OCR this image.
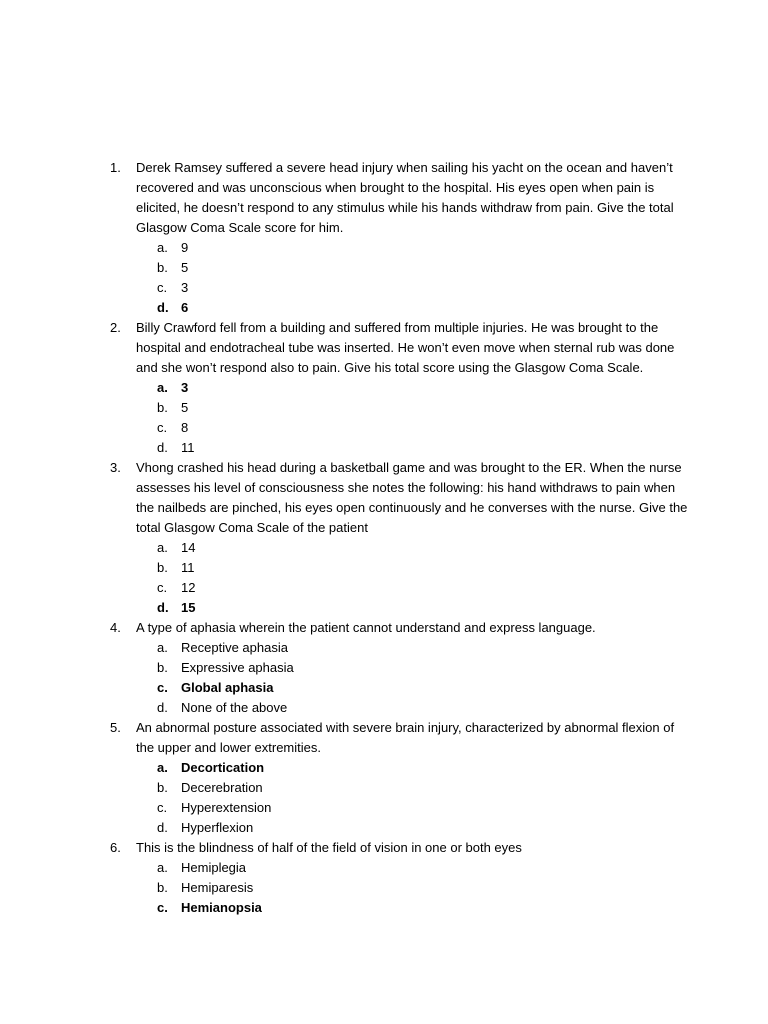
1. Derek Ramsey suffered a severe head injury when sailing his yacht on the ocean and haven’t recovered and was unconscious when brought to the hospital. His eyes open when pain is elicited, he doesn’t respond to any stimulus while his hands withdraw from pain. Give the total Glasgow Coma Scale score for him.
a. 9
b. 5
c. 3
d. 6
2. Billy Crawford fell from a building and suffered from multiple injuries. He was brought to the hospital and endotracheal tube was inserted. He won’t even move when sternal rub was done and she won’t respond also to pain. Give his total score using the Glasgow Coma Scale.
a. 3
b. 5
c. 8
d. 11
3. Vhong crashed his head during a basketball game and was brought to the ER. When the nurse assesses his level of consciousness she notes the following: his hand withdraws to pain when the nailbeds are pinched, his eyes open continuously and he converses with the nurse. Give the total Glasgow Coma Scale of the patient
a. 14
b. 11
c. 12
d. 15
4. A type of aphasia wherein the patient cannot understand and express language.
a. Receptive aphasia
b. Expressive aphasia
c. Global aphasia
d. None of the above
5. An abnormal posture associated with severe brain injury, characterized by abnormal flexion of the upper and lower extremities.
a. Decortication
b. Decerebration
c. Hyperextension
d. Hyperflexion
6. This is the blindness of half of the field of vision in one or both eyes
a. Hemiplegia
b. Hemiparesis
c. Hemianopsia
